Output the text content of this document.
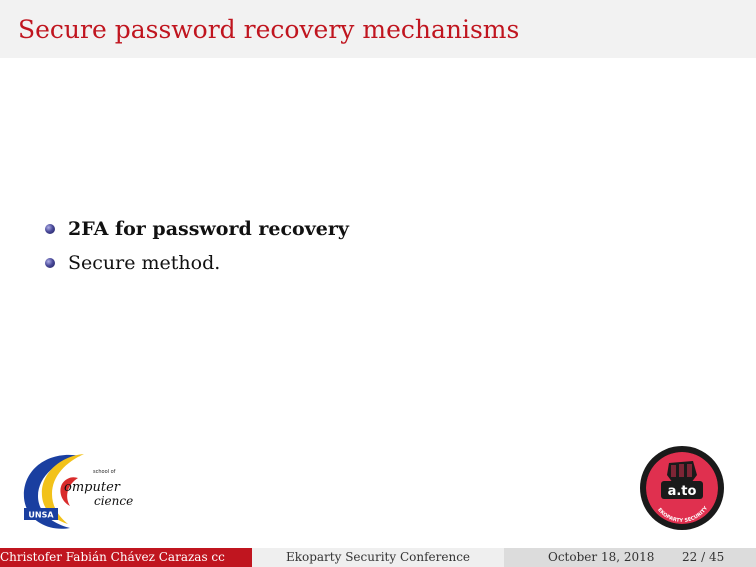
Secure password recovery mechanisms
2FA for password recovery
Secure method.
UNSA
school of
omputer
cience
a.to
EKOPARTY SECURITY
Christofer Fabián Chávez Carazas cc	Ekoparty Security Conference	October 18, 2018 22 / 45
